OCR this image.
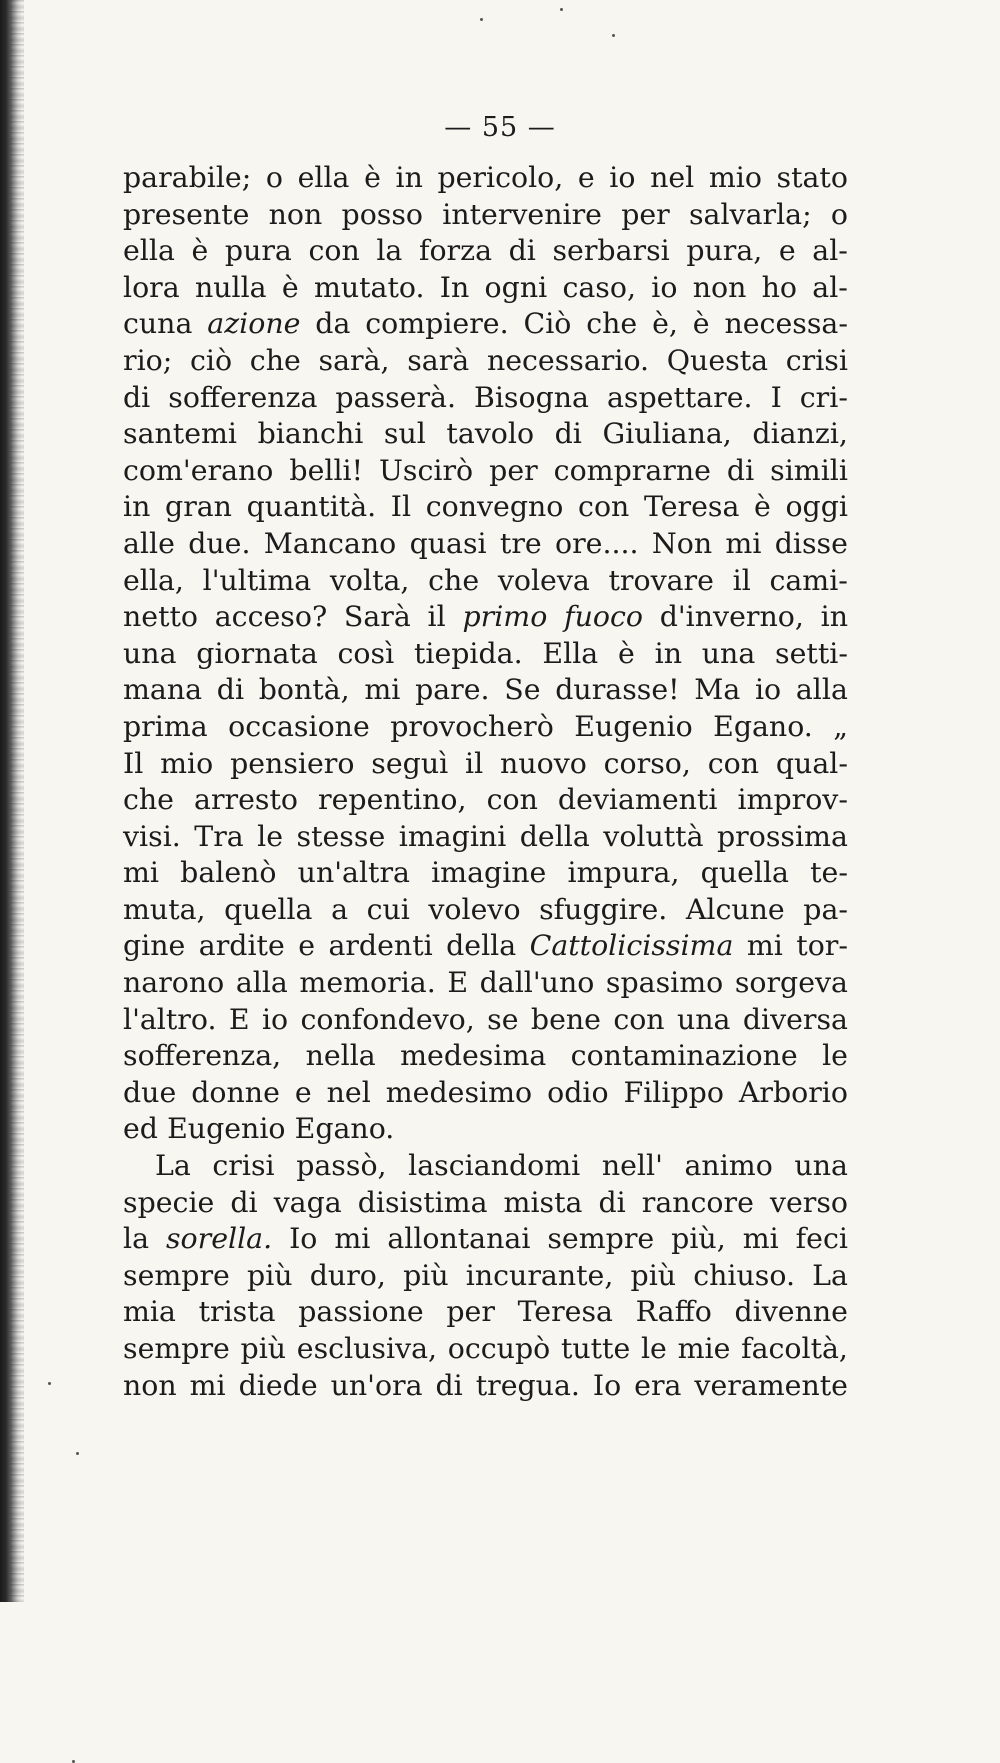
— 55 —
parabile; o ella è in pericolo, e io nel mio stato
presente non posso intervenire per salvarla; o
ella è pura con la forza di serbarsi pura, e al-
lora nulla è mutato. In ogni caso, io non ho al-
cuna azione da compiere. Ciò che è, è necessa-
rio; ciò che sarà, sarà necessario. Questa crisi
di sofferenza passerà. Bisogna aspettare. I cri-
santemi bianchi sul tavolo di Giuliana, dianzi,
com'erano belli! Uscirò per comprarne di simili
in gran quantità. Il convegno con Teresa è oggi
alle due. Mancano quasi tre ore.... Non mi disse
ella, l'ultima volta, che voleva trovare il cami-
netto acceso? Sarà il primo fuoco d'inverno, in
una giornata così tiepida. Ella è in una setti-
mana di bontà, mi pare. Se durasse! Ma io alla
prima occasione provocherò Eugenio Egano. „
Il mio pensiero seguì il nuovo corso, con qual-
che arresto repentino, con deviamenti improv-
visi. Tra le stesse imagini della voluttà prossima
mi balenò un'altra imagine impura, quella te-
muta, quella a cui volevo sfuggire. Alcune pa-
gine ardite e ardenti della Cattolicissima mi tor-
narono alla memoria. E dall'uno spasimo sorgeva
l'altro. E io confondevo, se bene con una diversa
sofferenza, nella medesima contaminazione le
due donne e nel medesimo odio Filippo Arborio
ed Eugenio Egano.
La crisi passò, lasciandomi nell' animo una
specie di vaga disistima mista di rancore verso
la sorella. Io mi allontanai sempre più, mi feci
sempre più duro, più incurante, più chiuso. La
mia trista passione per Teresa Raffo divenne
sempre più esclusiva, occupò tutte le mie facoltà,
non mi diede un'ora di tregua. Io era veramente
